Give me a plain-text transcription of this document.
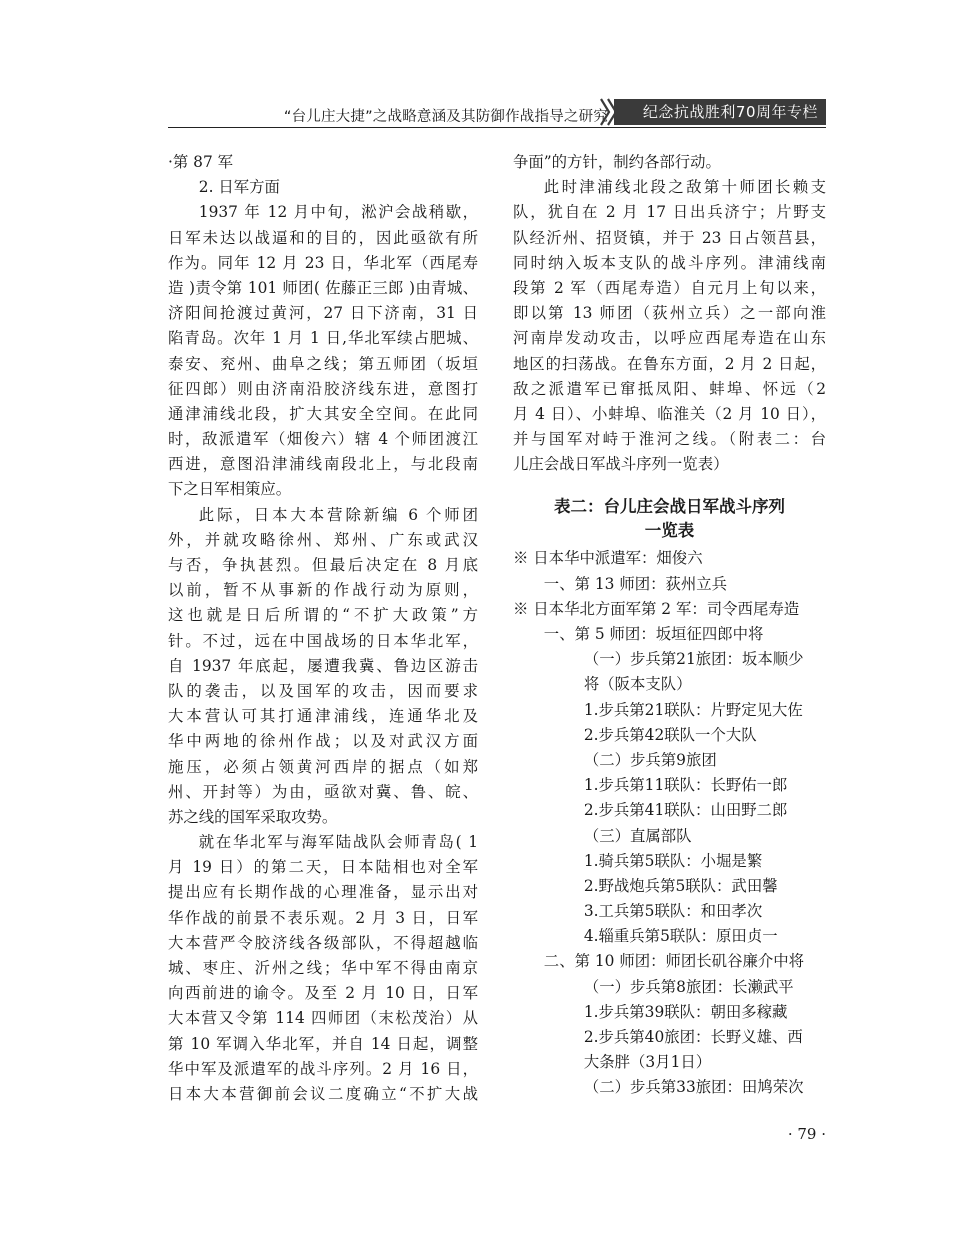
“台儿庄大捷”之战略意涵及其防御作战指导之研究	纪念抗战胜利70周年专栏
·第 87 军
2. 日军方面
1937 年 12 月中旬，淞沪会战稍歇，
日军未达以战逼和的目的，因此亟欲有所
作为。同年 12 月 23 日，华北军（西尾寿
造 )责令第 101 师团( 佐藤正三郎 )由青城、
济阳间抢渡过黄河，27 日下济南，31 日
陷青岛。次年 1 月 1 日,华北军续占肥城、
泰安、兖州、曲阜之线；第五师团（坂垣
征四郎）则由济南沿胶济线东进，意图打
通津浦线北段，扩大其安全空间。在此同
时，敌派遣军（畑俊六）辖 4 个师团渡江
西进，意图沿津浦线南段北上，与北段南
下之日军相策应。
此际，日本大本营除新编 6 个师团
外，并就攻略徐州、郑州、广东或武汉
与否，争执甚烈。但最后决定在 8 月底
以前，暂不从事新的作战行动为原则，
这也就是日后所谓的“不扩大政策”方
针。不过，远在中国战场的日本华北军，
自 1937 年底起，屡遭我冀、鲁边区游击
队的袭击，以及国军的攻击，因而要求
大本营认可其打通津浦线，连通华北及
华中两地的徐州作战；以及对武汉方面
施压，必须占领黄河西岸的据点（如郑
州、开封等）为由，亟欲对冀、鲁、皖、
苏之线的国军采取攻势。
就在华北军与海军陆战队会师青岛( 1
月 19 日）的第二天，日本陆相也对全军
提出应有长期作战的心理准备，显示出对
华作战的前景不表乐观。2 月 3 日，日军
大本营严令胶济线各级部队，不得超越临
城、枣庄、沂州之线；华中军不得由南京
向西前进的谕令。及至 2 月 10 日，日军
大本营又令第 114 四师团（末松茂治）从
第 10 军调入华北军，并自 14 日起，调整
华中军及派遣军的战斗序列。2 月 16 日，
日本大本营御前会议二度确立“不扩大战
争面”的方针，制约各部行动。
此时津浦线北段之敌第十师团长赖支
队，犹自在 2 月 17 日出兵济宁；片野支
队经沂州、招贤镇，并于 23 日占领莒县，
同时纳入坂本支队的战斗序列。津浦线南
段第 2 军（西尾寿造）自元月上旬以来，
即以第 13 师团（荻州立兵）之一部向淮
河南岸发动攻击，以呼应西尾寿造在山东
地区的扫荡战。在鲁东方面，2 月 2 日起，
敌之派遣军已窜抵凤阳、蚌埠、怀远（2
月 4 日）、小蚌埠、临淮关（2 月 10 日），
并与国军对峙于淮河之线。（附表二：台
儿庄会战日军战斗序列一览表）
表二：台儿庄会战日军战斗序列
一览表
※ 日本华中派遣军：畑俊六
一、第 13 师团：荻州立兵
※ 日本华北方面军第 2 军：司令西尾寿造
一、第 5 师团：坂垣征四郎中将
（一）步兵第21旅团：坂本顺少
将（阪本支队）
1.步兵第21联队：片野定见大佐
2.步兵第42联队一个大队
（二）步兵第9旅团
1.步兵第11联队：长野佑一郎
2.步兵第41联队：山田野二郎
（三）直属部队
1.骑兵第5联队：小堀是繁
2.野战炮兵第5联队：武田馨
3.工兵第5联队：和田孝次
4.辎重兵第5联队：原田贞一
二、第 10 师团：师团长矶谷廉介中将
（一）步兵第8旅团：长濑武平
1.步兵第39联队：朝田多稼藏
2.步兵第40旅团：长野义雄、西
大条胖（3月1日）
（二）步兵第33旅团：田鸠荣次
· 79 ·
